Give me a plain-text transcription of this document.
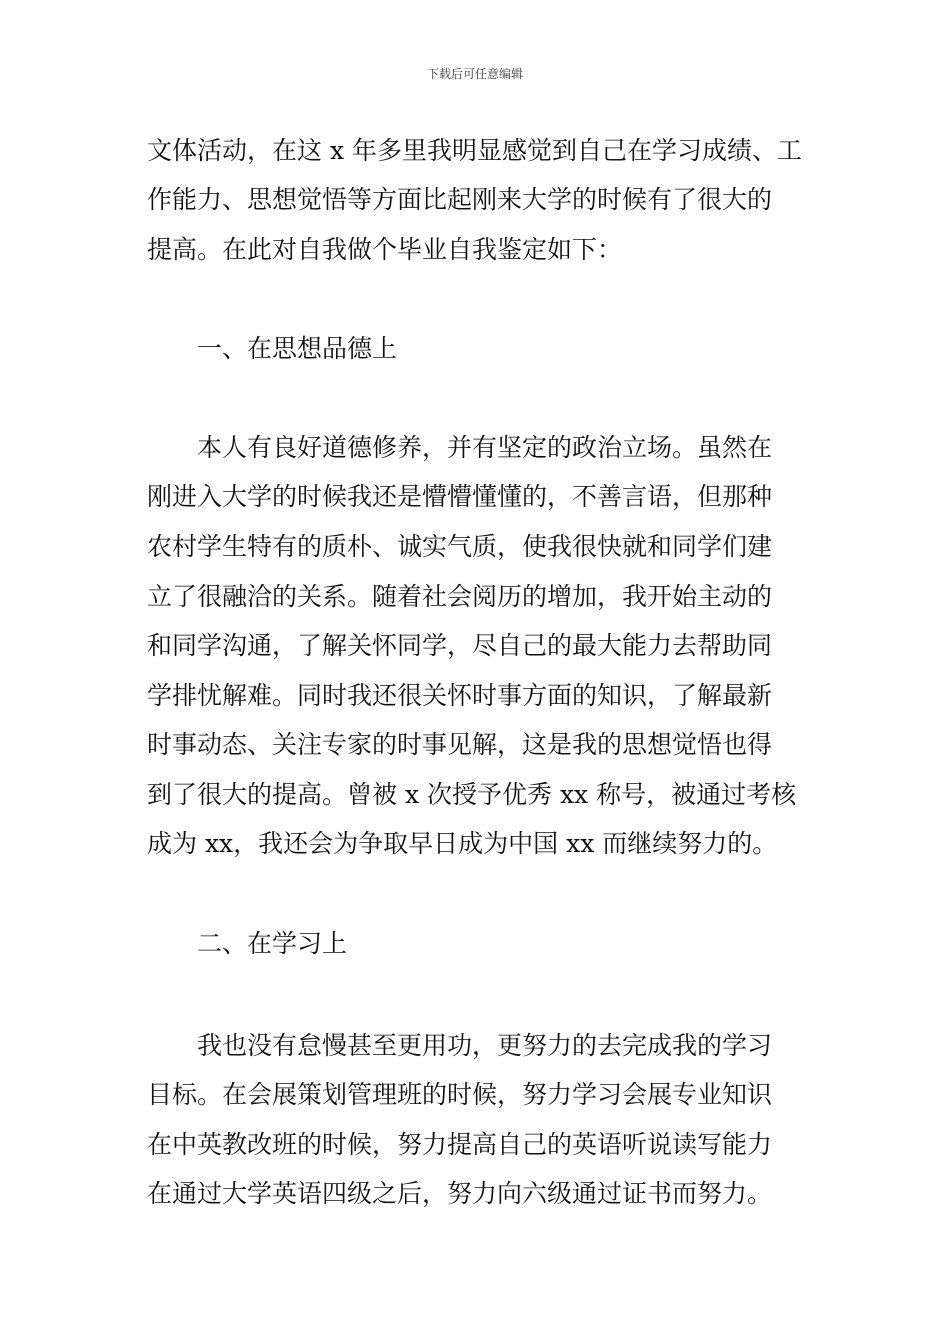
下载后可任意编辑
文体活动，在这 x 年多里我明显感觉到自己在学习成绩、工
作能力、思想觉悟等方面比起刚来大学的时候有了很大的
提高。在此对自我做个毕业自我鉴定如下：
一、在思想品德上
本人有良好道德修养，并有坚定的政治立场。虽然在
刚进入大学的时候我还是懵懵懂懂的，不善言语，但那种
农村学生特有的质朴、诚实气质，使我很快就和同学们建
立了很融洽的关系。随着社会阅历的增加，我开始主动的
和同学沟通，了解关怀同学，尽自己的最大能力去帮助同
学排忧解难。同时我还很关怀时事方面的知识，了解最新
时事动态、关注专家的时事见解，这是我的思想觉悟也得
到了很大的提高。曾被 x 次授予优秀 xx 称号，被通过考核
成为 xx，我还会为争取早日成为中国 xx 而继续努力的。
二、在学习上
我也没有怠慢甚至更用功，更努力的去完成我的学习
目标。在会展策划管理班的时候，努力学习会展专业知识
在中英教改班的时候，努力提高自己的英语听说读写能力
在通过大学英语四级之后，努力向六级通过证书而努力。
